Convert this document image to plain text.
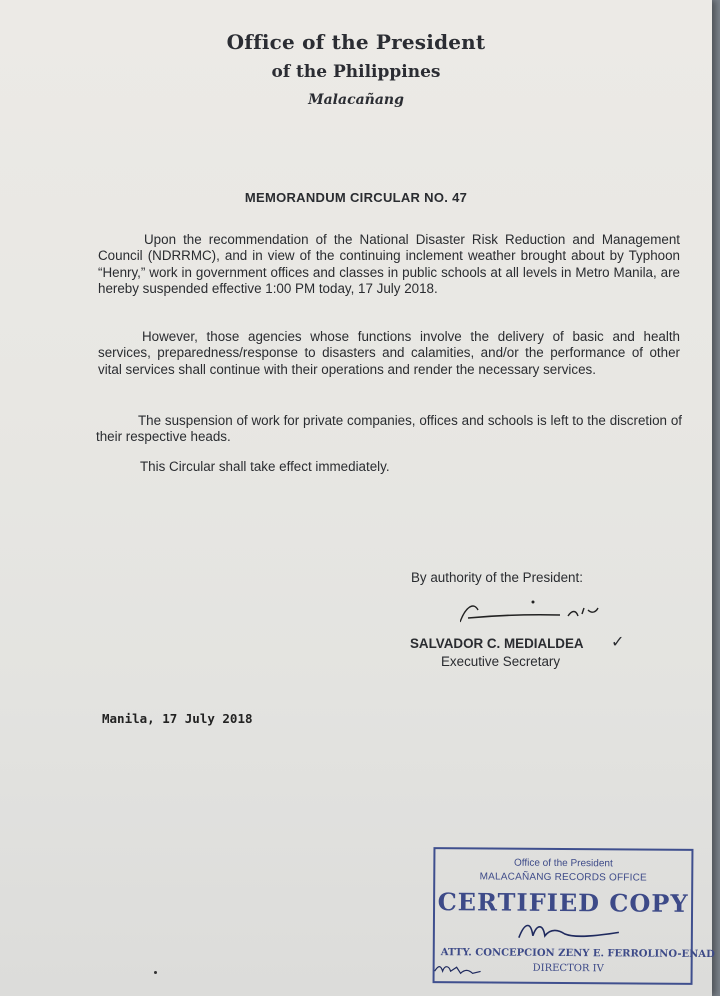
Office of the President
of the Philippines
Malacañang
MEMORANDUM CIRCULAR NO. 47

Upon the recommendation of the National Disaster Risk Reduction and Management Council (NDRRMC), and in view of the continuing inclement weather brought about by Typhoon “Henry,” work in government offices and classes in public schools at all levels in Metro Manila, are hereby suspended effective 1:00 PM today, 17 July 2018.

However, those agencies whose functions involve the delivery of basic and health services, preparedness/response to disasters and calamities, and/or the performance of other vital services shall continue with their operations and render the necessary services.

The suspension of work for private companies, offices and schools is left to the discretion of their respective heads.

This Circular shall take effect immediately.

By authority of the President:
SALVADOR C. MEDIALDEA ✓
Executive Secretary
Manila, 17 July 2018
Office of the President
MALACAÑANG RECORDS OFFICE
CERTIFIED COPY
ATTY. CONCEPCION ZENY E. FERROLINO-ENAD
DIRECTOR IV
